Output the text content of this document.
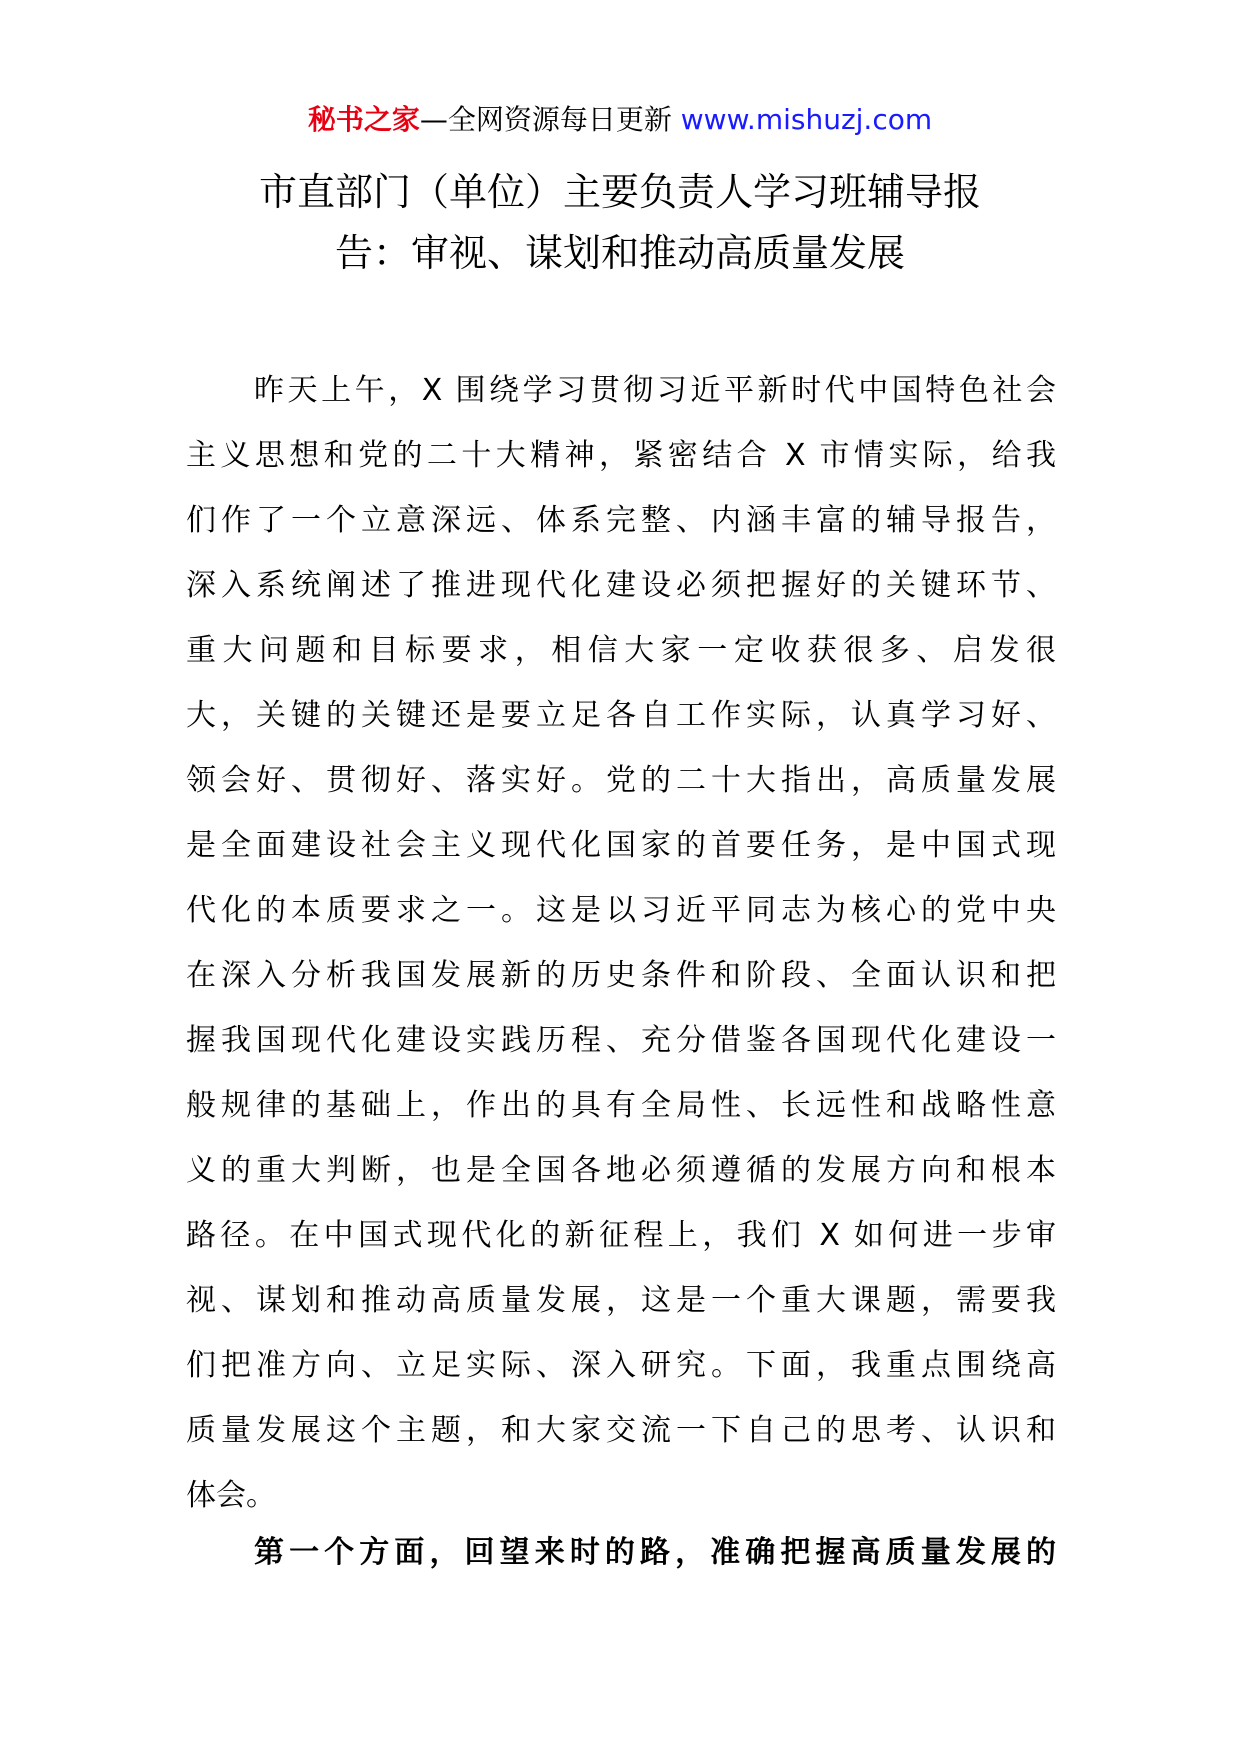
秘书之家—全网资源每日更新 www.mishuzj.com
市直部门（单位）主要负责人学习班辅导报
告：审视、谋划和推动高质量发展
昨天上午，X 围绕学习贯彻习近平新时代中国特色社会
主义思想和党的二十大精神，紧密结合 X 市情实际，给我
们作了一个立意深远、体系完整、内涵丰富的辅导报告，
深入系统阐述了推进现代化建设必须把握好的关键环节、
重大问题和目标要求，相信大家一定收获很多、启发很
大，关键的关键还是要立足各自工作实际，认真学习好、
领会好、贯彻好、落实好。党的二十大指出，高质量发展
是全面建设社会主义现代化国家的首要任务，是中国式现
代化的本质要求之一。这是以习近平同志为核心的党中央
在深入分析我国发展新的历史条件和阶段、全面认识和把
握我国现代化建设实践历程、充分借鉴各国现代化建设一
般规律的基础上，作出的具有全局性、长远性和战略性意
义的重大判断，也是全国各地必须遵循的发展方向和根本
路径。在中国式现代化的新征程上，我们 X 如何进一步审
视、谋划和推动高质量发展，这是一个重大课题，需要我
们把准方向、立足实际、深入研究。下面，我重点围绕高
质量发展这个主题，和大家交流一下自己的思考、认识和
体会。
第一个方面，回望来时的路，准确把握高质量发展的
